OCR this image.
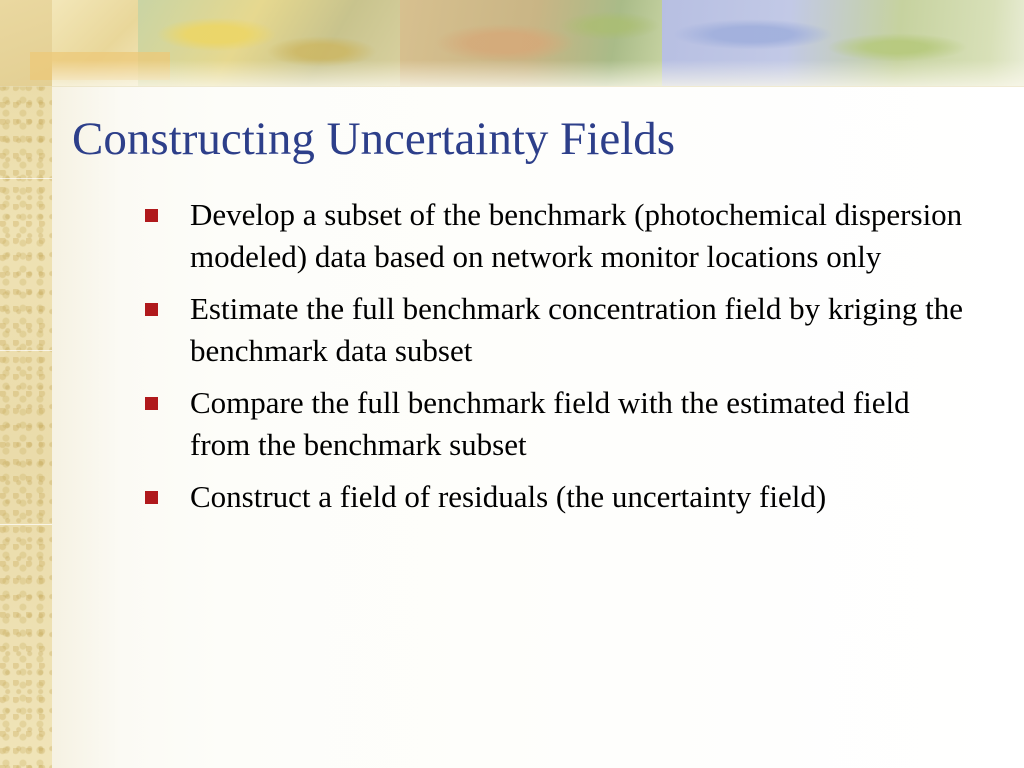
Constructing Uncertainty Fields
Develop a subset of the benchmark (photochemical dispersion modeled) data based on network monitor locations only
Estimate the full benchmark concentration field by kriging the benchmark data subset
Compare the full benchmark field with the estimated field from the benchmark subset
Construct a field of residuals (the uncertainty field)
